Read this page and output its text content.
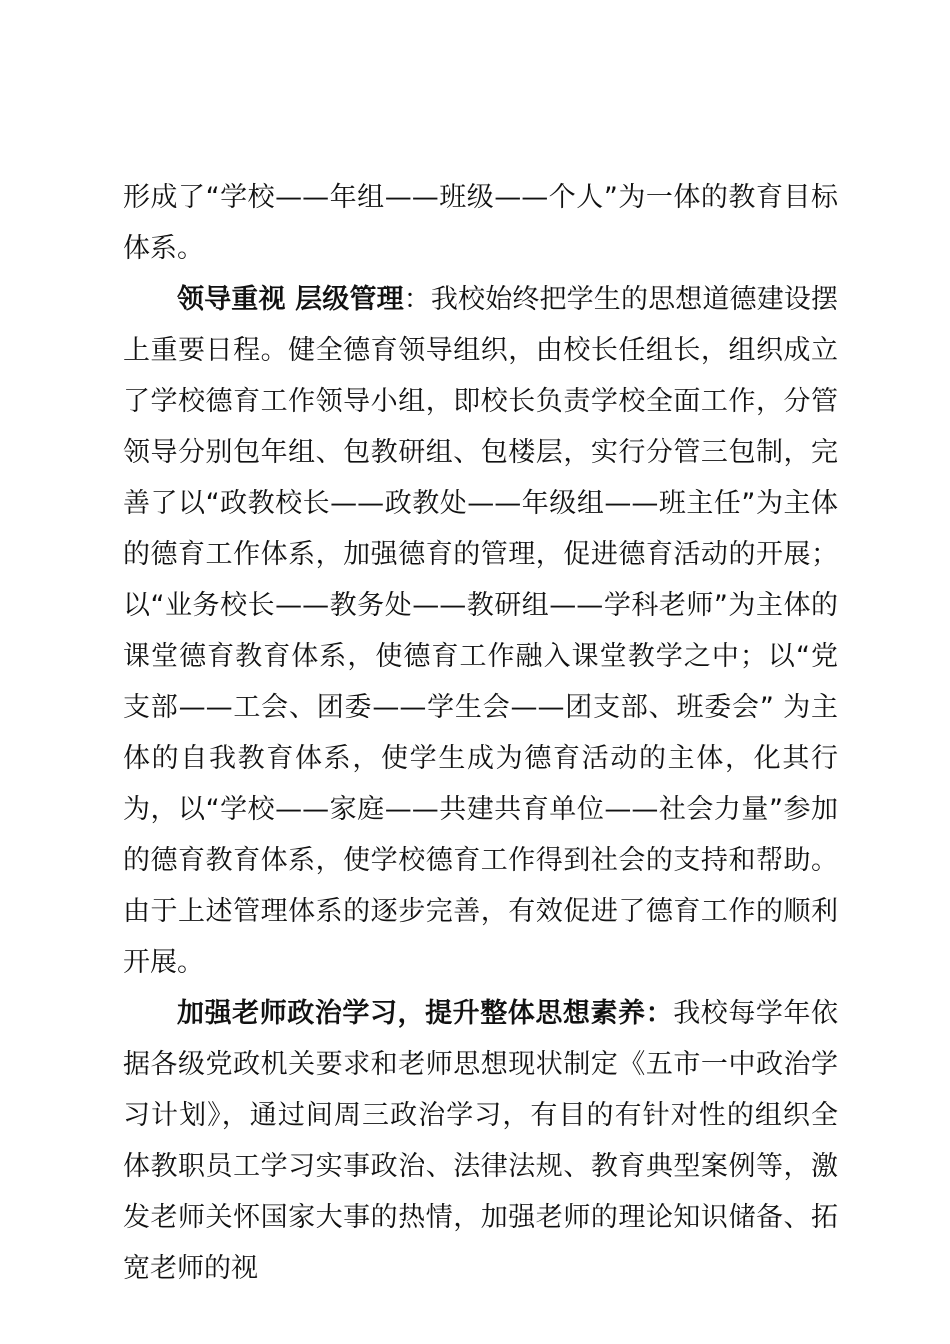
形成了“学校——年组——班级——个人”为一体的教育目标体系。

领导重视 层级管理：我校始终把学生的思想道德建设摆上重要日程。健全德育领导组织，由校长任组长，组织成立了学校德育工作领导小组，即校长负责学校全面工作，分管领导分别包年组、包教研组、包楼层，实行分管三包制，完善了以“政教校长——政教处——年级组——班主任”为主体的德育工作体系，加强德育的管理，促进德育活动的开展；以“业务校长——教务处——教研组——学科老师”为主体的课堂德育教育体系，使德育工作融入课堂教学之中；以“党支部——工会、团委——学生会——团支部、班委会” 为主体的自我教育体系，使学生成为德育活动的主体，化其行为，以“学校——家庭——共建共育单位——社会力量”参加的德育教育体系，使学校德育工作得到社会的支持和帮助。由于上述管理体系的逐步完善，有效促进了德育工作的顺利开展。

加强老师政治学习，提升整体思想素养：我校每学年依据各级党政机关要求和老师思想现状制定《五市一中政治学习计划》，通过间周三政治学习，有目的有针对性的组织全体教职员工学习实事政治、法律法规、教育典型案例等，激发老师关怀国家大事的热情，加强老师的理论知识储备、拓宽老师的视
